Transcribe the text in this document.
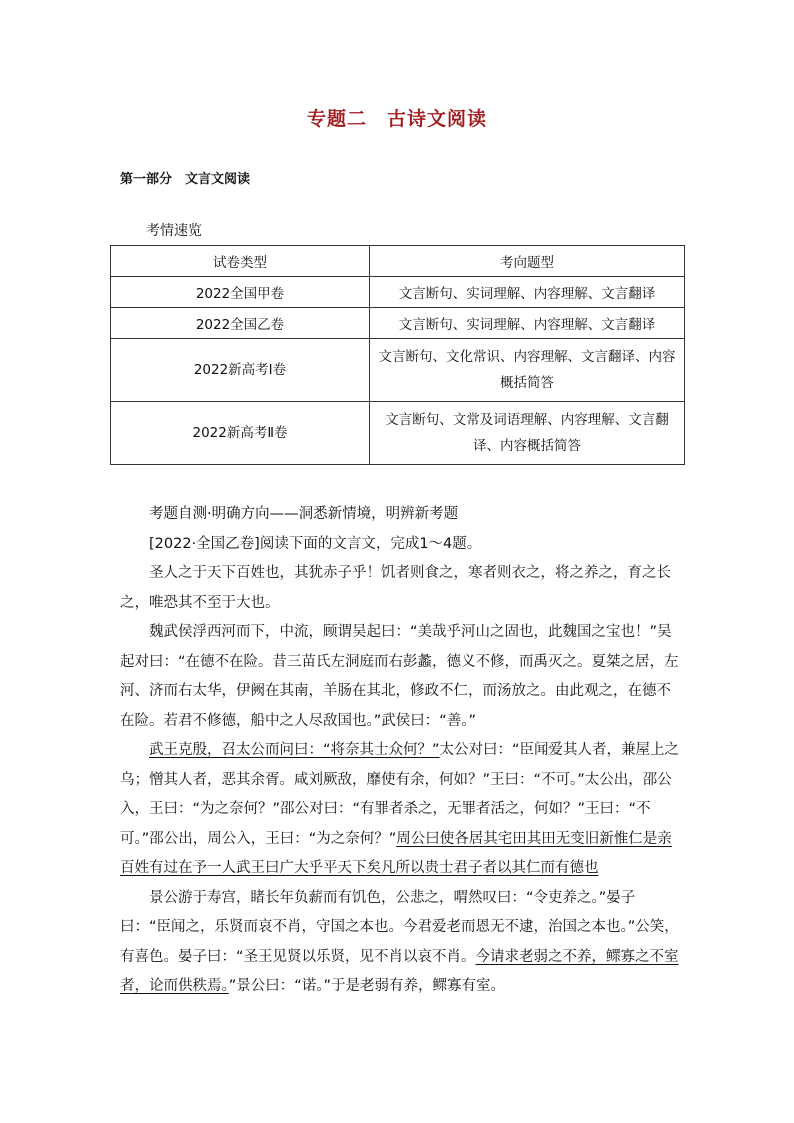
专题二　古诗文阅读
第一部分　文言文阅读
考情速览
试卷类型	考向题型
2022全国甲卷	文言断句、实词理解、内容理解、文言翻译
2022全国乙卷	文言断句、实词理解、内容理解、文言翻译
2022新高考Ⅰ卷	文言断句、文化常识、内容理解、文言翻译、内容概括简答
2022新高考Ⅱ卷	文言断句、文常及词语理解、内容理解、文言翻译、内容概括简答

考题自测·明确方向——洞悉新情境，明辨新考题

[2022·全国乙卷]阅读下面的文言文，完成1～4题。

圣人之于天下百姓也，其犹赤子乎！饥者则食之，寒者则衣之，将之养之，育之长之，唯恐其不至于大也。

魏武侯浮西河而下，中流，顾谓吴起曰：“美哉乎河山之固也，此魏国之宝也！”吴起对曰：“在德不在险。昔三苗氏左洞庭而右彭蠡，德义不修，而禹灭之。夏桀之居，左河、济而右太华，伊阙在其南，羊肠在其北，修政不仁，而汤放之。由此观之，在德不在险。若君不修德，船中之人尽敌国也。”武侯曰：“善。”

武王克殷，召太公而问曰：“将奈其士众何？”太公对曰：“臣闻爱其人者，兼屋上之乌；憎其人者，恶其余胥。咸刘厥敌，靡使有余，何如？”王曰：“不可。”太公出，邵公入，王曰：“为之奈何？”邵公对曰：“有罪者杀之，无罪者活之，何如？”王曰：“不可。”邵公出，周公入，王曰：“为之奈何？”周公曰使各居其宅田其田无变旧新惟仁是亲百姓有过在予一人武王曰广大乎平天下矣凡所以贵士君子者以其仁而有德也

景公游于寿宫，睹长年负薪而有饥色，公悲之，喟然叹曰：“令吏养之。”晏子曰：“臣闻之，乐贤而哀不肖，守国之本也。今君爱老而恩无不逮，治国之本也。”公笑，有喜色。晏子曰：“圣王见贤以乐贤，见不肖以哀不肖。今请求老弱之不养，鳏寡之不室者，论而供秩焉。”景公曰：“诺。”于是老弱有养，鳏寡有室。
